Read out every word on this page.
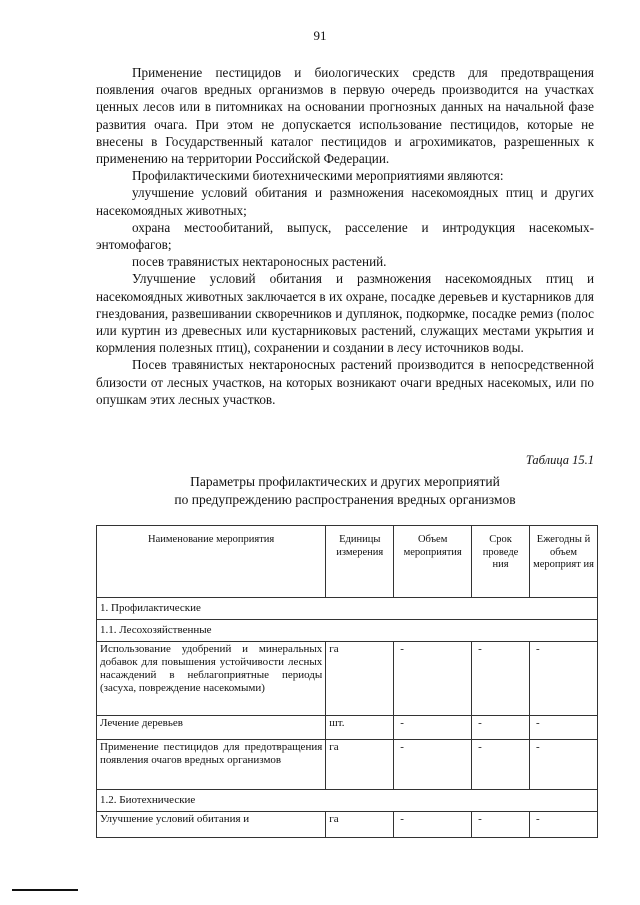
91

Применение пестицидов и биологических средств для предотвращения появления очагов вредных организмов в первую очередь производится на участках ценных лесов или в питомниках на основании прогнозных данных на начальной фазе развития очага. При этом не допускается использование пестицидов, которые не внесены в Государственный каталог пестицидов и агрохимикатов, разрешенных к применению на территории Российской Федерации.

Профилактическими биотехническими мероприятиями являются:

улучшение условий обитания и размножения насекомоядных птиц и других насекомоядных животных;

охрана местообитаний, выпуск, расселение и интродукция насекомых-энтомофагов;

посев травянистых нектароносных растений.

Улучшение условий обитания и размножения насекомоядных птиц и насекомоядных животных заключается в их охране, посадке деревьев и кустарников для гнездования, развешивании скворечников и дуплянок, подкормке, посадке ремиз (полос или куртин из древесных или кустарниковых растений, служащих местами укрытия и кормления полезных птиц), сохранении и создании в лесу источников воды.

Посев травянистых нектароносных растений производится в непосредственной близости от лесных участков, на которых возникают очаги вредных насекомых, или по опушкам этих лесных участков.

Таблица 15.1
Параметры профилактических и других мероприятий
по предупреждению распространения вредных организмов
Наименование мероприятия	Единицы измерения	Объем мероприятия	Срок проведе ния	Ежегодны й объем мероприят ия
1. Профилактические				
1.1. Лесохозяйственные				
Использование удобрений и минеральных добавок для повышения устойчивости лесных насаждений в неблагоприятные периоды (засуха, повреждение насекомыми)	га	-	-	-
Лечение деревьев	шт.	-	-	-
Применение пестицидов для предотвращения появления очагов вредных организмов	га	-	-	-
1.2. Биотехнические				
Улучшение условий обитания и	га	-	-	-
